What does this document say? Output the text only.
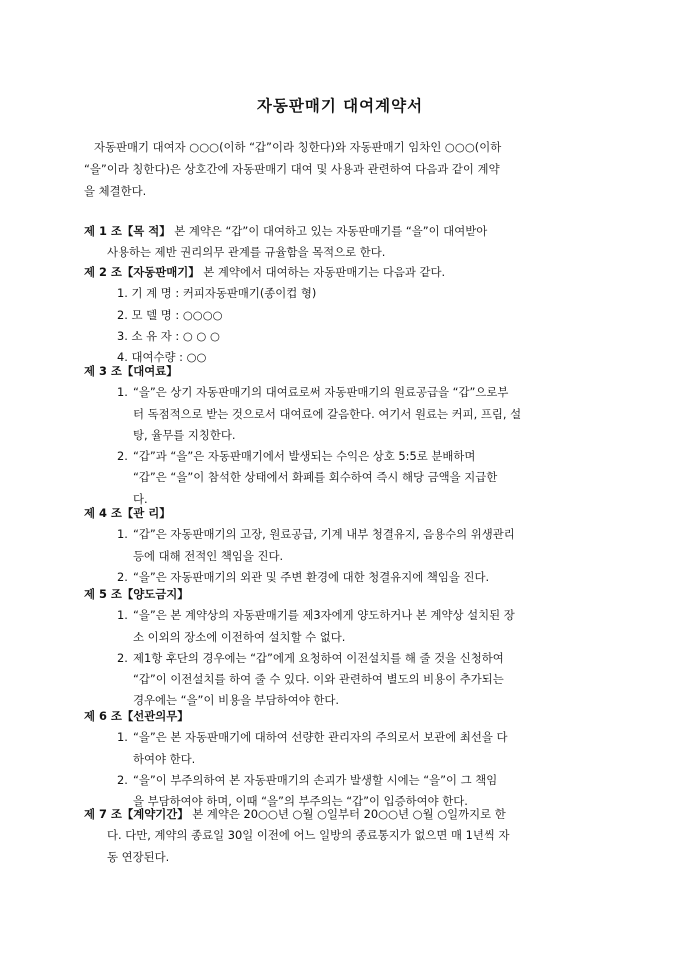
자동판매기 대여계약서
자동판매기 대여자 ○○○(이하 “갑”이라 칭한다)와 자동판매기 임차인 ○○○(이하
“을”이라 칭한다)은 상호간에 자동판매기 대여 및 사용과 관련하여 다음과 같이 계약
을 체결한다.
제 1 조【목 적】 본 계약은 “갑”이 대여하고 있는 자동판매기를 “을”이 대여받아
사용하는 제반 권리의무 관계를 규율함을 목적으로 한다.
제 2 조【자동판매기】 본 계약에서 대여하는 자동판매기는 다음과 같다.
1. 기 계 명 : 커피자동판매기(종이컵 형)
2. 모 델 명 : ○○○○
3. 소 유 자 : ○ ○ ○
4. 대여수량 : ○○
제 3 조【대여료】
1. “을”은 상기 자동판매기의 대여료로써 자동판매기의 원료공급을 “갑”으로부
터 독점적으로 받는 것으로서 대여료에 갈음한다. 여기서 원료는 커피, 프림, 설
탕, 율무를 지칭한다.
2. “갑”과 “을”은 자동판매기에서 발생되는 수익은 상호 5:5로 분배하며
“갑”은 “을”이 참석한 상태에서 화폐를 회수하여 즉시 해당 금액을 지급한
다.
제 4 조【관 리】
1. “갑”은 자동판매기의 고장, 원료공급, 기계 내부 청결유지, 음용수의 위생관리
등에 대해 전적인 책임을 진다.
2. “을”은 자동판매기의 외관 및 주변 환경에 대한 청결유지에 책임을 진다.
제 5 조【양도금지】
1. “을”은 본 계약상의 자동판매기를 제3자에게 양도하거나 본 계약상 설치된 장
소 이외의 장소에 이전하여 설치할 수 없다.
2. 제1항 후단의 경우에는 “갑”에게 요청하여 이전설치를 해 줄 것을 신청하여
“갑”이 이전설치를 하여 줄 수 있다. 이와 관련하여 별도의 비용이 추가되는
경우에는 “을”이 비용을 부담하여야 한다.
제 6 조【선관의무】
1. “을”은 본 자동판매기에 대하여 선량한 관리자의 주의로서 보관에 최선을 다
하여야 한다.
2. “을”이 부주의하여 본 자동판매기의 손괴가 발생할 시에는 “을”이 그 책임
을 부담하여야 하며, 이때 “을”의 부주의는 “갑”이 입증하여야 한다.
제 7 조【계약기간】 본 계약은 20○○년 ○월 ○일부터 20○○년 ○월 ○일까지로 한
다. 다만, 계약의 종료일 30일 이전에 어느 일방의 종료통지가 없으면 매 1년씩 자
동 연장된다.
